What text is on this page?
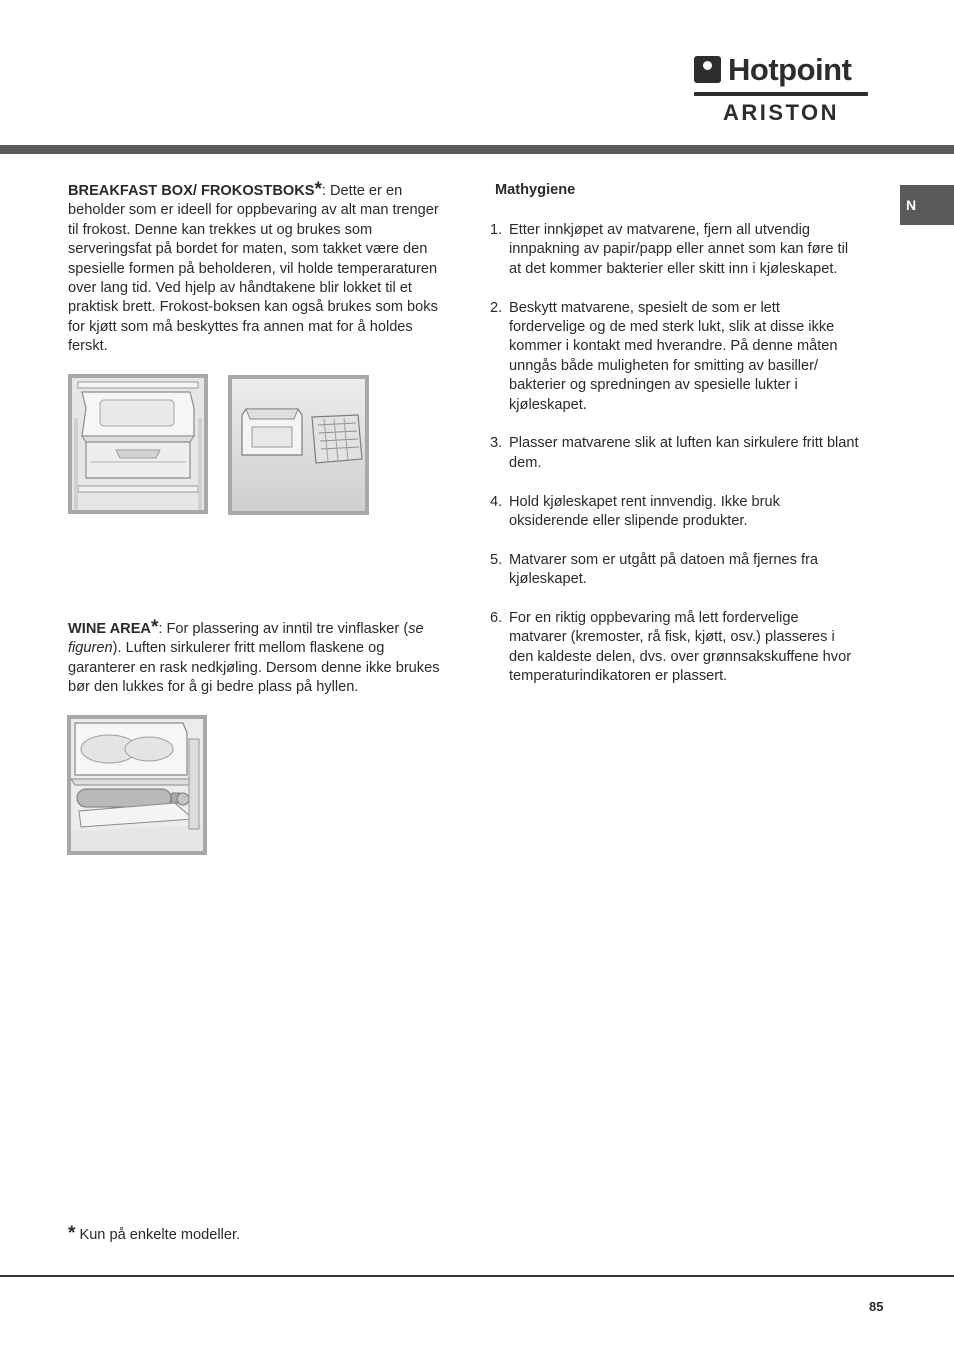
Hotpoint
ARISTON
N

BREAKFAST BOX/ FROKOSTBOKS*: Dette er en beholder som er ideell for oppbevaring av alt man trenger til frokost. Denne kan trekkes ut og brukes som serveringsfat på bordet for maten, som takket være den spesielle formen på beholderen, vil holde temperaraturen over lang tid. Ved hjelp av håndtakene blir lokket til et praktisk brett. Frokost-boksen kan også brukes som boks for kjøtt som må beskyttes fra annen mat for å holdes ferskt.

WINE AREA*: For plassering av inntil tre vinflasker (se figuren). Luften sirkulerer fritt mellom flaskene og garanterer en rask nedkjøling. Dersom denne ikke brukes bør den lukkes for å gi bedre plass på hyllen.

Mathygiene
1. Etter innkjøpet av matvarene, fjern all utvendig innpakning av papir/papp eller annet som kan føre til at det kommer bakterier eller skitt inn i kjøleskapet.
2. Beskytt matvarene, spesielt de som er lett fordervelige og de med sterk lukt, slik at disse ikke kommer i kontakt med hverandre. På denne måten unngås både muligheten for smitting av basiller/ bakterier og spredningen av spesielle lukter i kjøleskapet.
3. Plasser matvarene slik at luften kan sirkulere fritt blant dem.
4. Hold kjøleskapet rent innvendig. Ikke bruk oksiderende eller slipende produkter.
5. Matvarer som er utgått på datoen må fjernes fra kjøleskapet.
6. For en riktig oppbevaring må lett fordervelige matvarer (kremoster, rå fisk, kjøtt, osv.) plasseres i den kaldeste delen, dvs. over grønnsakskuffene hvor temperaturindikatoren er plassert.
* Kun på enkelte modeller.
85
